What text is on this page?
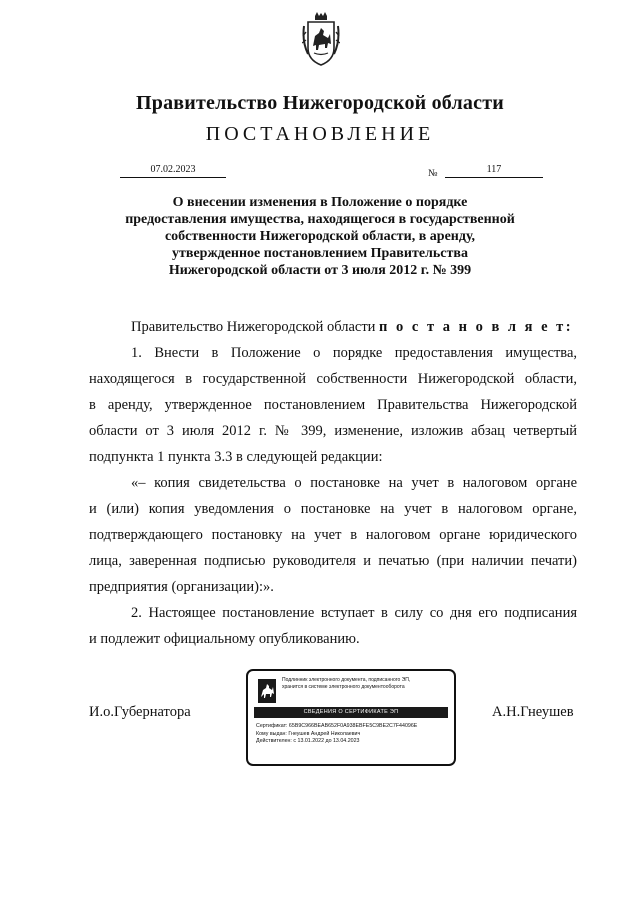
Правительство Нижегородской области
ПОСТАНОВЛЕНИЕ
07.02.2023	№	117
О внесении изменения в Положение о порядке
предоставления имущества, находящегося в государственной
собственности Нижегородской области, в аренду,
утвержденное постановлением Правительства
Нижегородской области от 3 июля 2012 г. № 399

Правительство Нижегородской области п о с т а н о в л я е т:

1. Внести в Положение о порядке предоставления имущества,
находящегося в государственной собственности Нижегородской области,
в аренду, утвержденное постановлением Правительства Нижегородской
области от 3 июля 2012 г. № 399, изменение, изложив абзац четвертый
подпункта 1 пункта 3.3 в следующей редакции:

«– копия свидетельства о постановке на учет в налоговом органе
и (или) копия уведомления о постановке на учет в налоговом органе,
подтверждающего постановку на учет в налоговом органе юридического
лица, заверенная подписью руководителя и печатью (при наличии печати)
предприятия (организации):».

2. Настоящее постановление вступает в силу со дня его подписания
и подлежит официальному опубликованию.

И.о.Губернатора	А.Н.Гнеушев
Подлинник электронного документа, подписанного ЭП,
хранится в системе электронного документооборота
СВЕДЕНИЯ О СЕРТИФИКАТЕ ЭП
Сертификат: 65B9C966BEAB652F0A938EBFE5C9BE2C7F44096E
Кому выдан: Гнеушев Андрей Николаевич
Действителен: с 13.01.2022 до 13.04.2023
